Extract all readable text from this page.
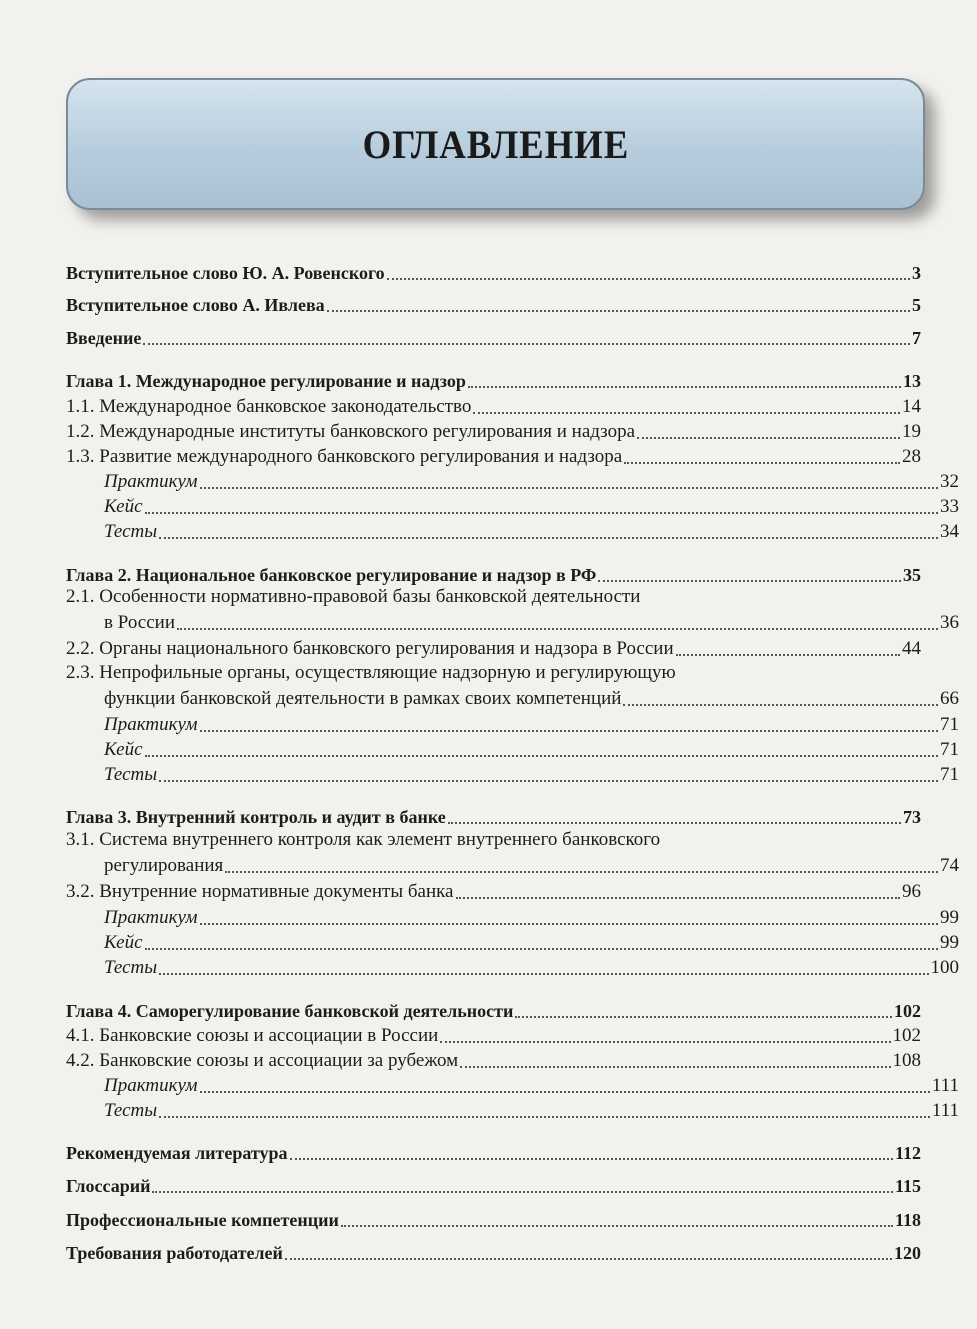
ОГЛАВЛЕНИЕ
Вступительное слово Ю. А. Ровенского	3
Вступительное слово А. Ивлева	5
Введение	7
Глава 1. Международное регулирование и надзор	13
1.1. Международное банковское законодательство	14
1.2. Международные институты банковского регулирования и надзора	19
1.3. Развитие международного банковского регулирования и надзора	28
Практикум	32
Кейс	33
Тесты	34
Глава 2. Национальное банковское регулирование и надзор в РФ	35
2.1. Особенности нормативно-правовой базы банковской деятельности
в России	36
2.2. Органы национального банковского регулирования и надзора в России	44
2.3. Непрофильные органы, осуществляющие надзорную и регулирующую
функции банковской деятельности в рамках своих компетенций	66
Практикум	71
Кейс	71
Тесты	71
Глава 3. Внутренний контроль и аудит в банке	73
3.1. Система внутреннего контроля как элемент внутреннего банковского
регулирования	74
3.2. Внутренние нормативные документы банка	96
Практикум	99
Кейс	99
Тесты	100
Глава 4. Саморегулирование банковской деятельности	102
4.1. Банковские союзы и ассоциации в России	102
4.2. Банковские союзы и ассоциации за рубежом	108
Практикум	111
Тесты	111
Рекомендуемая литература	112
Глоссарий	115
Профессиональные компетенции	118
Требования работодателей	120
